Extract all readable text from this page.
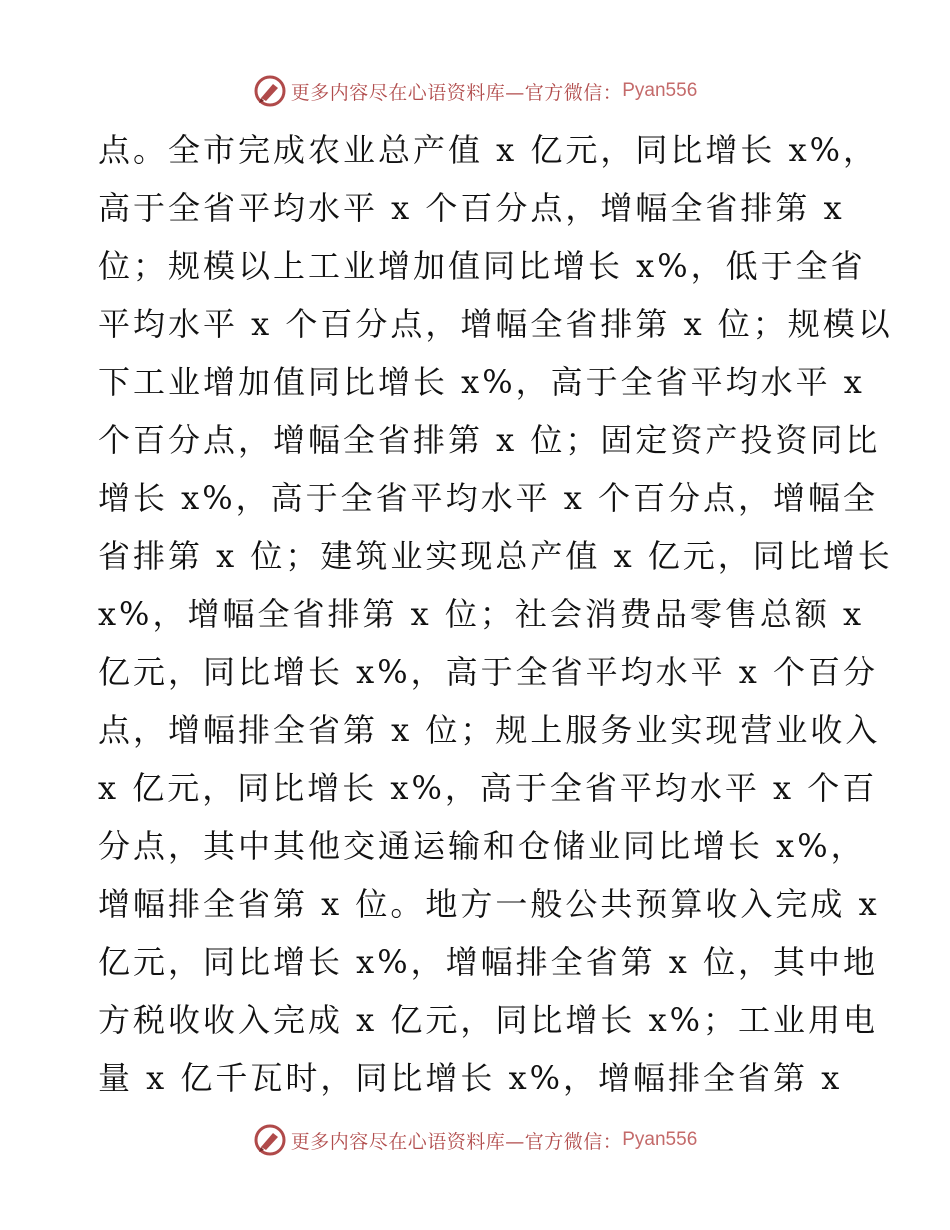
更多内容尽在心语资料库—官方微信： Pyan556
点。全市完成农业总产值 x 亿元，同比增长 x%，
高于全省平均水平 x 个百分点，增幅全省排第 x
位；规模以上工业增加值同比增长 x%，低于全省
平均水平 x 个百分点，增幅全省排第 x 位；规模以
下工业增加值同比增长 x%，高于全省平均水平 x
个百分点，增幅全省排第 x 位；固定资产投资同比
增长 x%，高于全省平均水平 x 个百分点，增幅全
省排第 x 位；建筑业实现总产值 x 亿元，同比增长
x%，增幅全省排第 x 位；社会消费品零售总额 x
亿元，同比增长 x%，高于全省平均水平 x 个百分
点，增幅排全省第 x 位；规上服务业实现营业收入
x 亿元，同比增长 x%，高于全省平均水平 x 个百
分点，其中其他交通运输和仓储业同比增长 x%，
增幅排全省第 x 位。地方一般公共预算收入完成 x
亿元，同比增长 x%，增幅排全省第 x 位，其中地
方税收收入完成 x 亿元，同比增长 x%；工业用电
量 x 亿千瓦时，同比增长 x%，增幅排全省第 x
更多内容尽在心语资料库—官方微信： Pyan556
